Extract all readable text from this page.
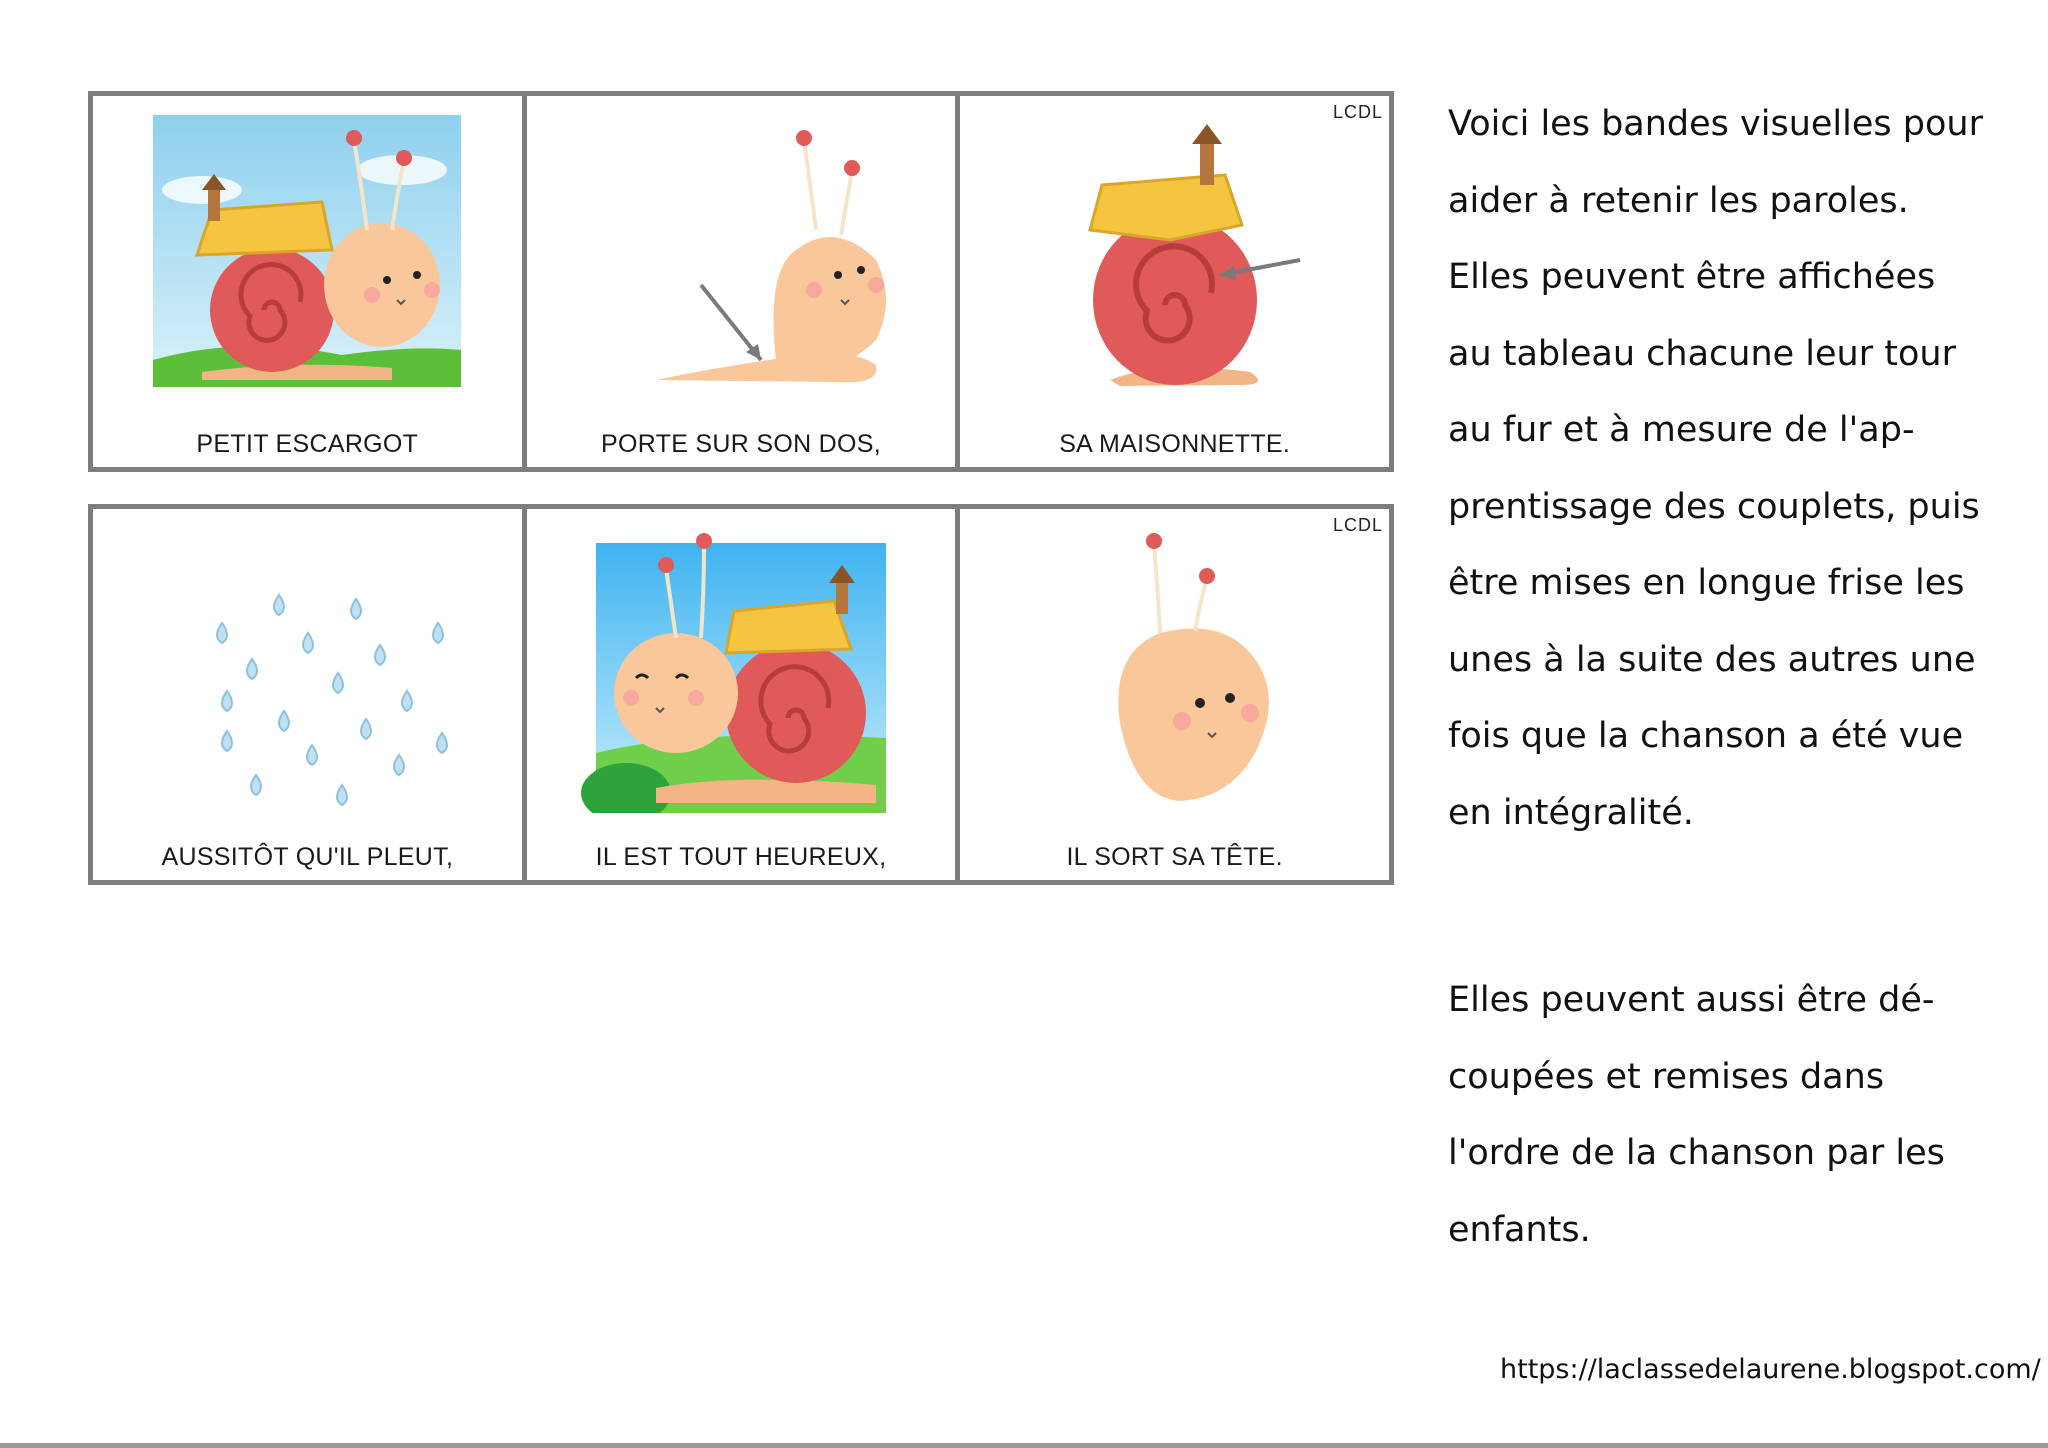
PETIT ESCARGOT	PORTE SUR SON DOS,
LCDL
SA MAISONNETTE.
AUSSITÔT QU'IL PLEUT,	IL EST TOUT HEUREUX,
LCDL
IL SORT SA TÊTE.

Voici les bandes visuelles pour

aider à retenir les paroles.

Elles peuvent être affichées

au tableau chacune leur tour

au fur et à mesure de l'ap-

prentissage des couplets, puis

être mises en longue frise les

unes à la suite des autres une

fois que la chanson a été vue

en intégralité.

Elles peuvent aussi être dé-

coupées et remises dans

l'ordre de la chanson par les

enfants.

https://laclassedelaurene.blogspot.com/
